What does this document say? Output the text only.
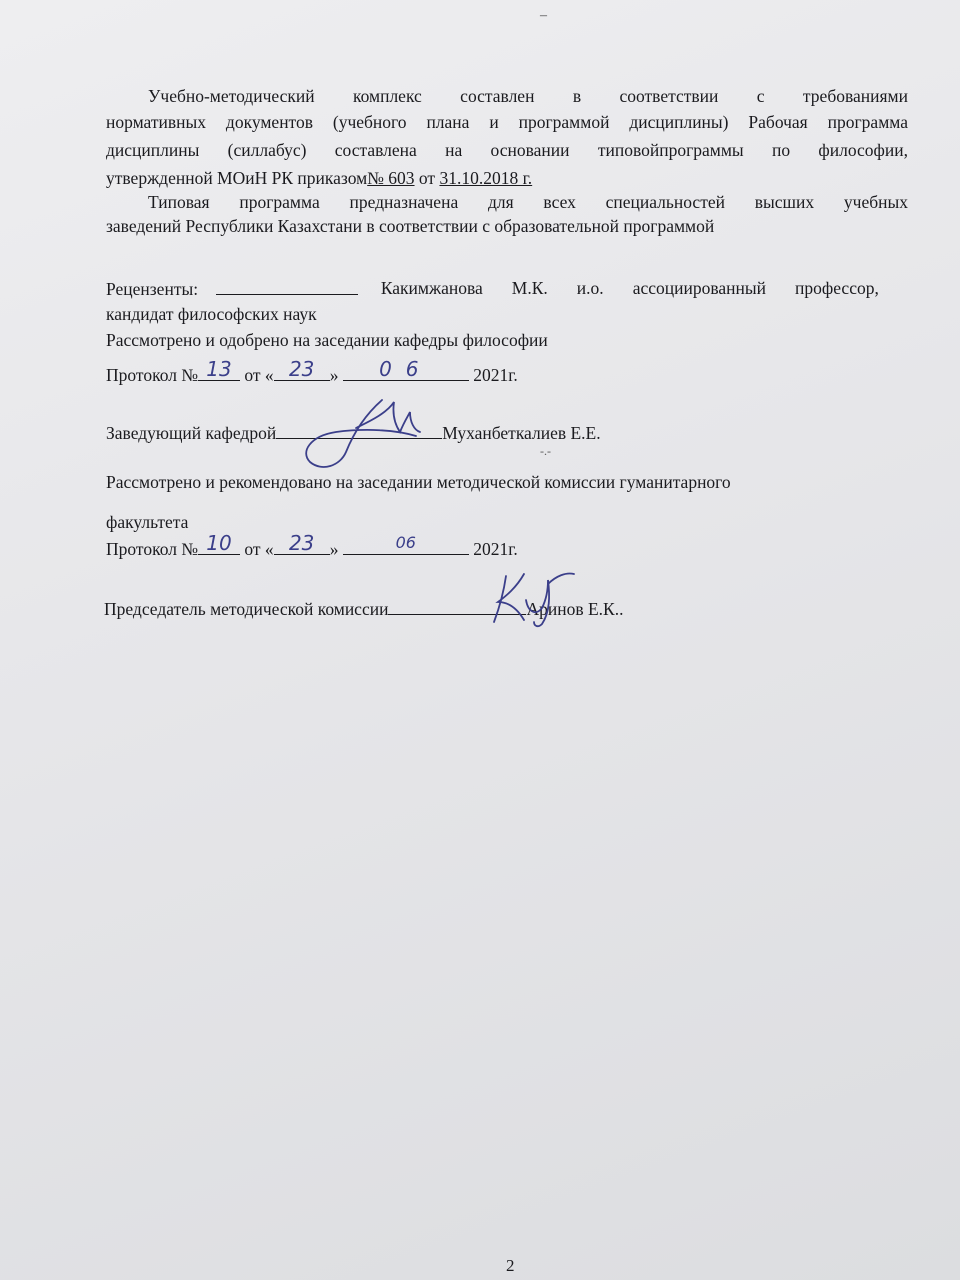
–
Учебно-методический комплекс составлен в соответствии с требованиями
нормативных документов (учебного плана и программой дисциплины) Рабочая программа
дисциплины (силлабус) составлена на основании типовойпрограммы по философии,
утвержденной МОиН РК приказом№ 603 от 31.10.2018 г.
Типовая программа предназначена для всех специальностей высших учебных
заведений Республики Казахстани в соответствии с образовательной программой
Рецензенты:	Какимжанова М.К. и.о. ассоциированный профессор,
кандидат философских наук
Рассмотрено и одобрено на заседании кафедры философии
Протокол № 13 от « 23 »	06	2021г.
Заведующий кафедрой	Муханбеткалиев Е.Е.
-.-
Рассмотрено и рекомендовано на заседании методической комиссии гуманитарного
факультета
Протокол № 10 от « 23 »	06	2021г.
Председатель методической комиссии	Аринов Е.К..
2
